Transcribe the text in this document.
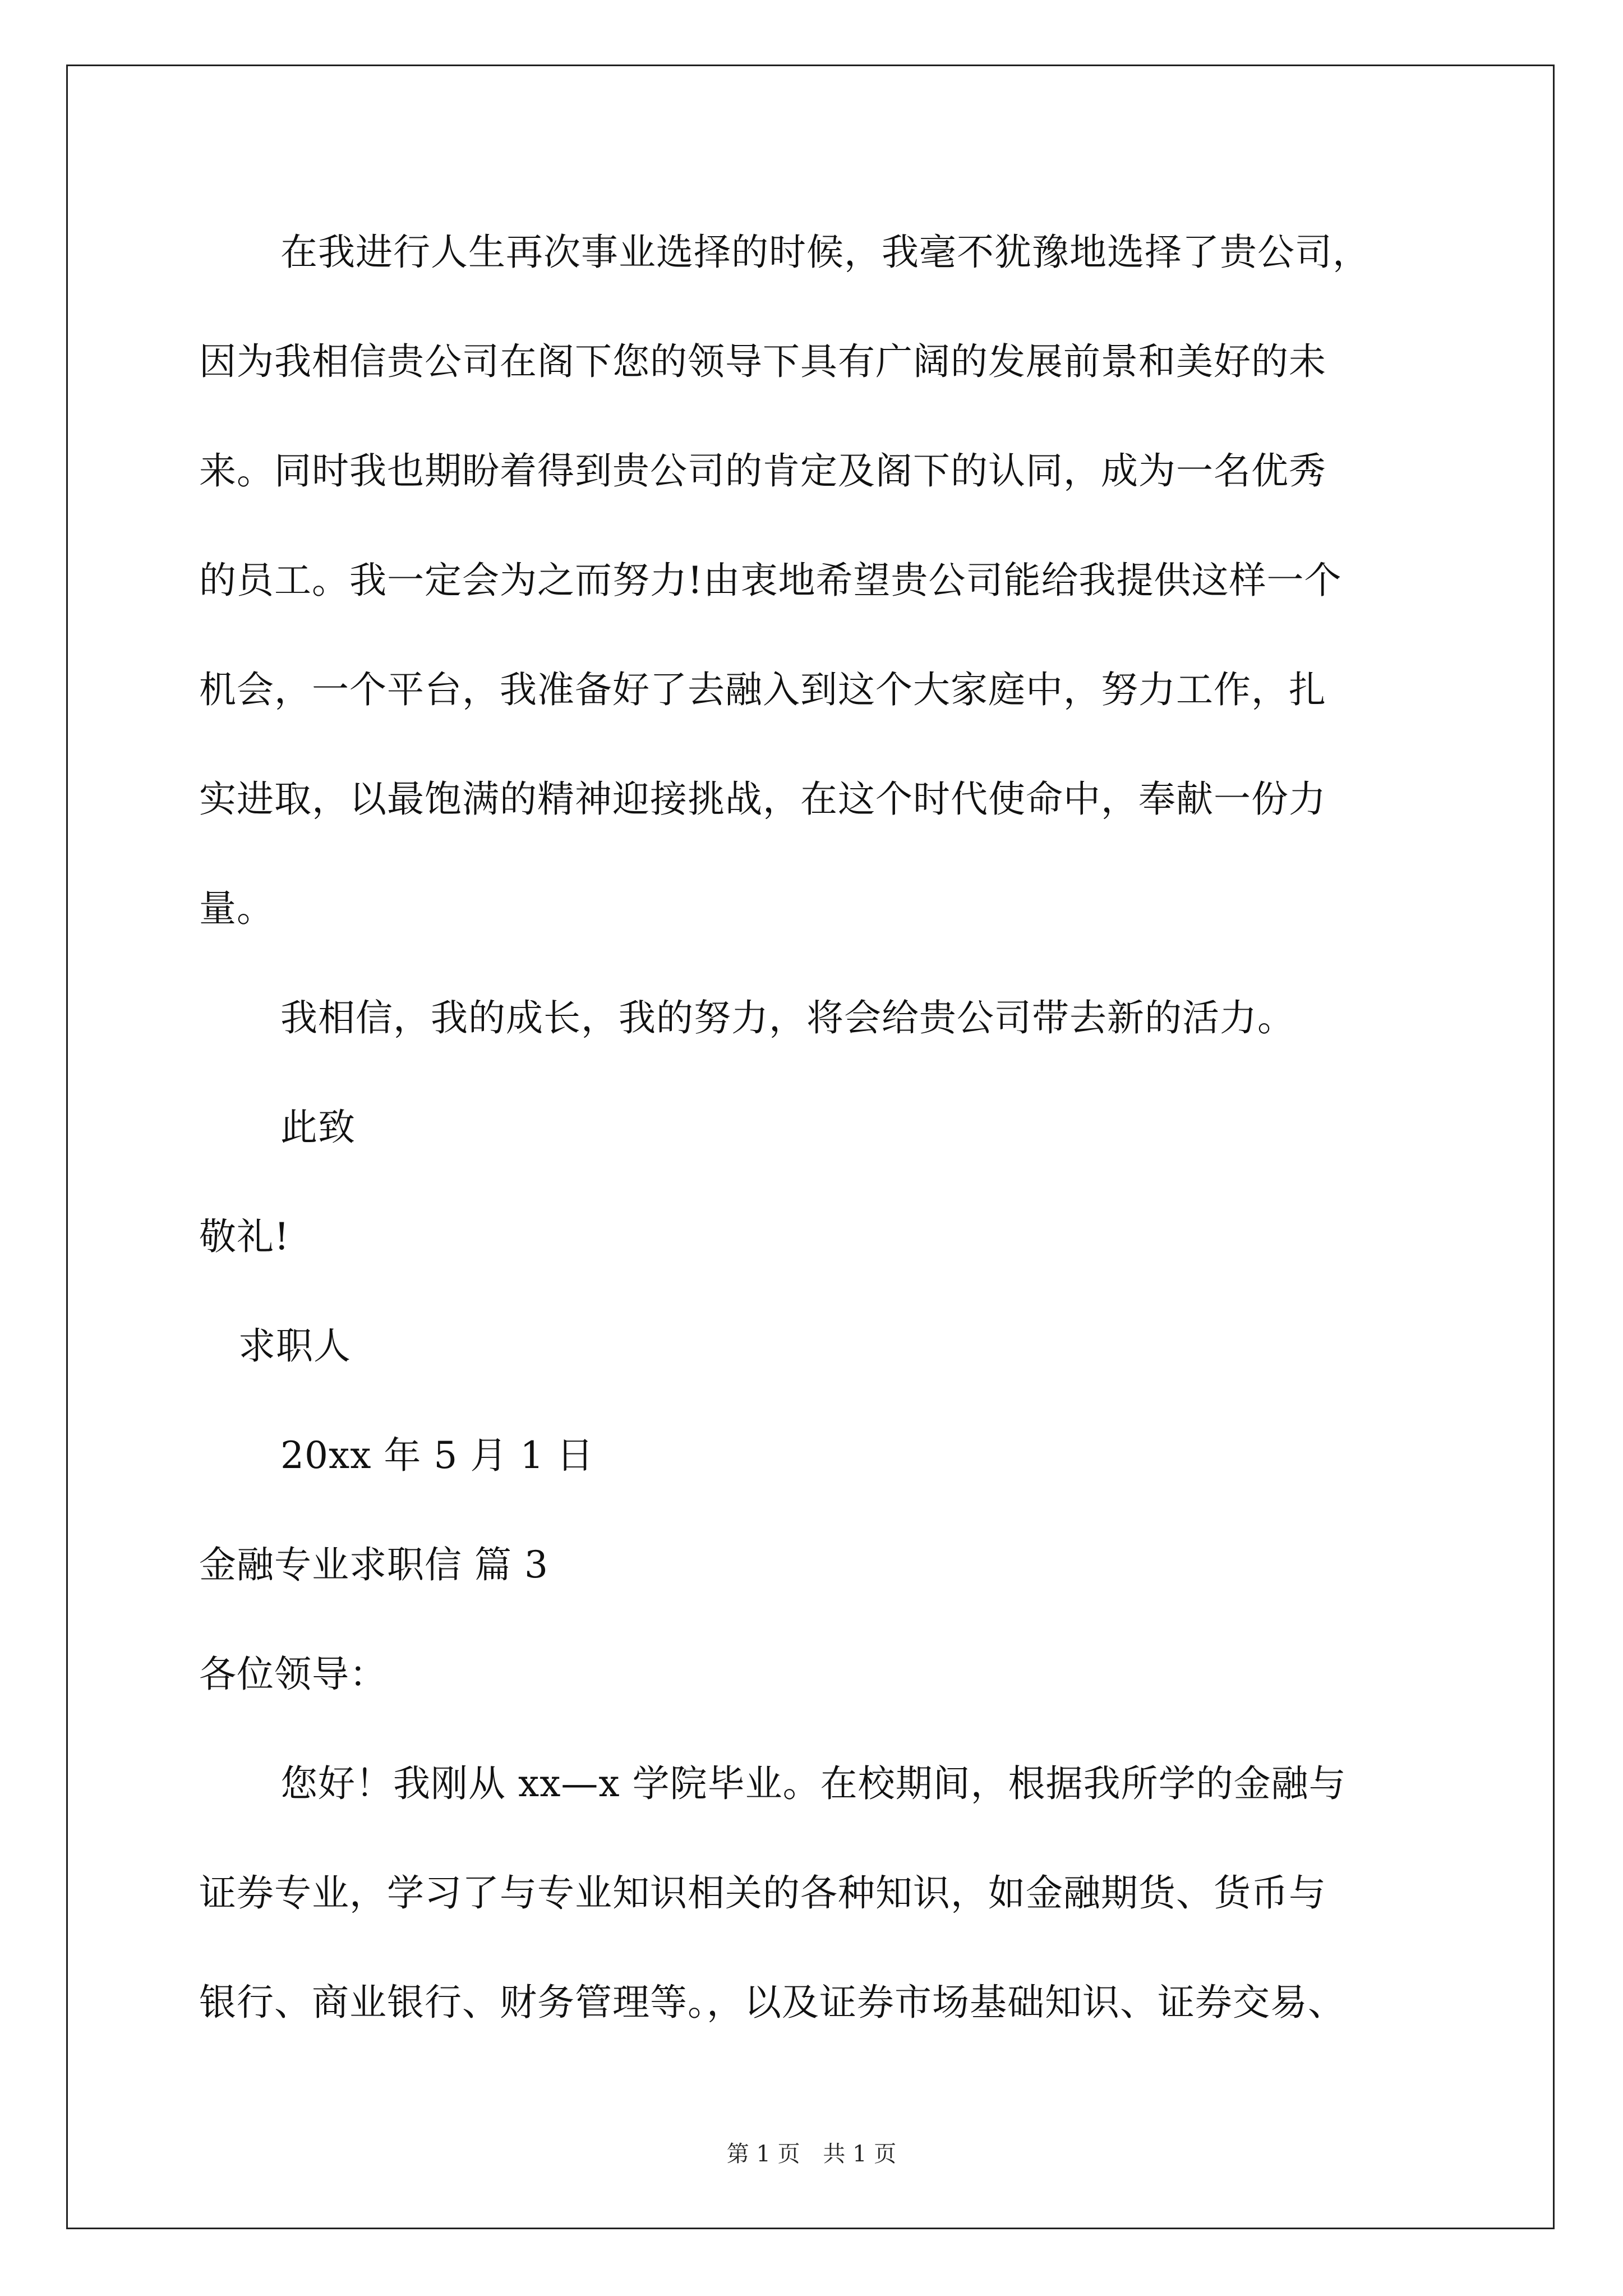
在我进行人生再次事业选择的时候，我毫不犹豫地选择了贵公司，
因为我相信贵公司在阁下您的领导下具有广阔的发展前景和美好的未
来。同时我也期盼着得到贵公司的肯定及阁下的认同，成为一名优秀
的员工。我一定会为之而努力!由衷地希望贵公司能给我提供这样一个
机会，一个平台，我准备好了去融入到这个大家庭中，努力工作，扎
实进取，以最饱满的精神迎接挑战，在这个时代使命中，奉献一份力
量。
我相信，我的成长，我的努力，将会给贵公司带去新的活力。
此致
敬礼!
求职人
20xx 年 5 月 1 日
金融专业求职信 篇 3
各位领导：
您好！我刚从 xx—x 学院毕业。在校期间，根据我所学的金融与
证券专业，学习了与专业知识相关的各种知识，如金融期货、货币与
银行、商业银行、财务管理等。，以及证券市场基础知识、证券交易、
第 1 页 共 1 页
